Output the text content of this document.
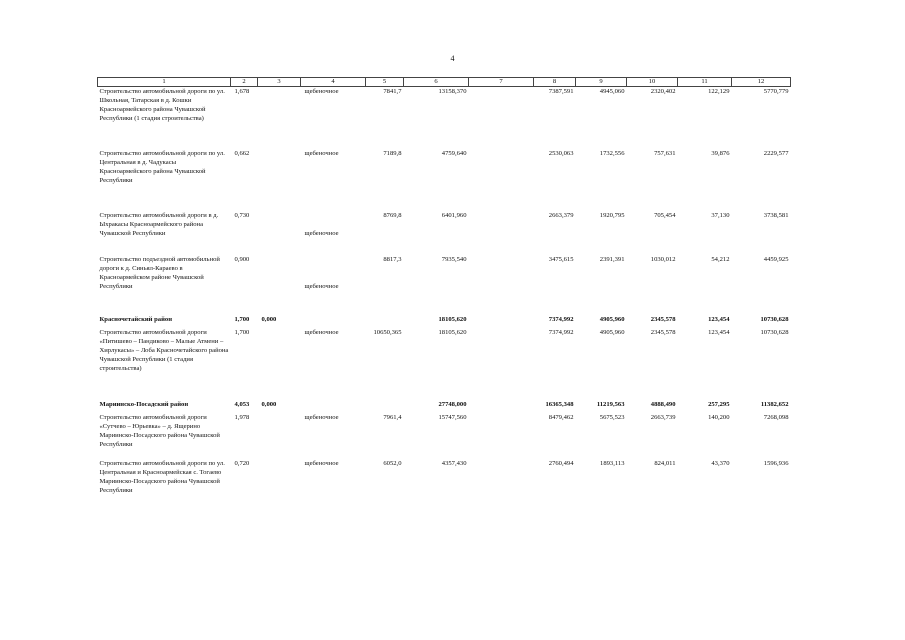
4
1	2	3	4	5	6	7	8	9	10	11	12
Строительство автомобильной дороги по ул. Школьная, Татарская в д. Кошки Красноармейского района Чувашской Республики (1 стадия строительства)	1,678		щебеночное	7841,7	13158,370		7387,591	4945,060	2320,402	122,129	5770,779
Строительство автомобильной дороги по ул. Центральная в д. Чадукасы Красноармейского района Чувашской Республики	0,662		щебеночное	7189,8	4759,640		2530,063	1732,556	757,631	39,876	2229,577
Строительство автомобильной дороги в д. Ыхракасы Красноармейского района Чувашской Республики	0,730		щебеночное	8769,8	6401,960		2663,379	1920,795	705,454	37,130	3738,581
Строительство подъездной автомобильной дороги к д. Синьял-Караево в Красноармейском районе Чувашской Республики	0,900		щебеночное	8817,3	7935,540		3475,615	2391,391	1030,012	54,212	4459,925
Красночетайский район	1,700	0,000			18105,620		7374,992	4905,960	2345,578	123,454	10730,628
Строительство автомобильной дороги «Питишево – Пандиково – Малые Атмени – Хирлукасы» – Лоба Красночетайского района Чувашской Республики (1 стадия строительства)	1,700		щебеночное	10650,365	18105,620		7374,992	4905,960	2345,578	123,454	10730,628
Мариинско-Посадский район	4,053	0,000			27748,000		16365,348	11219,563	4888,490	257,295	11382,652
Строительство автомобильной дороги «Сутчево – Юрьевка» – д. Ящерино Мариинско-Посадского района Чувашской Республики	1,978		щебеночное	7961,4	15747,560		8479,462	5675,523	2663,739	140,200	7268,098
Строительство автомобильной дороги по ул. Центральная и Красноармейская с. Тогаево Мариинско-Посадского района Чувашской Республики	0,720		щебеночное	6052,0	4357,430		2760,494	1893,113	824,011	43,370	1596,936
